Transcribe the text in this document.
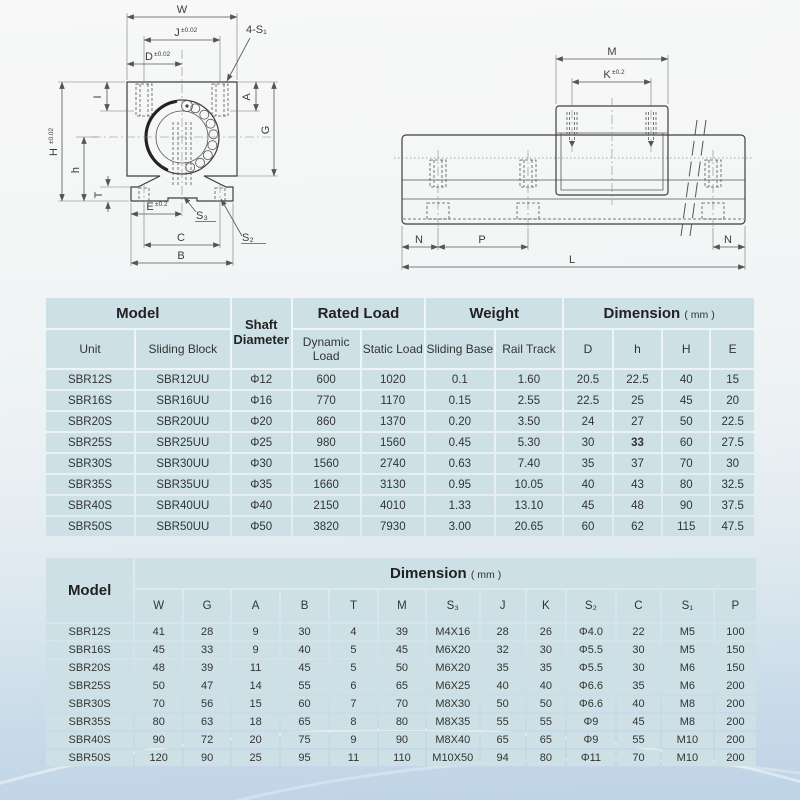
W
J ±0.02
D ±0.02
4-S₁
H
±0.02
h
I
T
A
G
E ±0.2
C
B
S₃
S₂
M
K ±0.2
N	P	N
L
Model		Shaft Diameter	Rated Load		Weight		Dimension ( mm )			
Unit	Sliding Block		Dynamic Load	Static Load	Sliding Base	Rail Track	D	h	H	E
SBR12S	SBR12UU	Φ12	600	1020	0.1	1.60	20.5	22.5	40	15
SBR16S	SBR16UU	Φ16	770	1170	0.15	2.55	22.5	25	45	20
SBR20S	SBR20UU	Φ20	860	1370	0.20	3.50	24	27	50	22.5
SBR25S	SBR25UU	Φ25	980	1560	0.45	5.30	30	33	60	27.5
SBR30S	SBR30UU	Φ30	1560	2740	0.63	7.40	35	37	70	30
SBR35S	SBR35UU	Φ35	1660	3130	0.95	10.05	40	43	80	32.5
SBR40S	SBR40UU	Φ40	2150	4010	1.33	13.10	45	48	90	37.5
SBR50S	SBR50UU	Φ50	3820	7930	3.00	20.65	60	62	115	47.5
Model	Dimension ( mm )												
	W	G	A	B	T	M	S₃	J	K	S₂	C	S₁	P
SBR12S	41	28	9	30	4	39	M4X16	28	26	Φ4.0	22	M5	100
SBR16S	45	33	9	40	5	45	M6X20	32	30	Φ5.5	30	M5	150
SBR20S	48	39	11	45	5	50	M6X20	35	35	Φ5.5	30	M6	150
SBR25S	50	47	14	55	6	65	M6X25	40	40	Φ6.6	35	M6	200
SBR30S	70	56	15	60	7	70	M8X30	50	50	Φ6.6	40	M8	200
SBR35S	80	63	18	65	8	80	M8X35	55	55	Φ9	45	M8	200
SBR40S	90	72	20	75	9	90	M8X40	65	65	Φ9	55	M10	200
SBR50S	120	90	25	95	11	110	M10X50	94	80	Φ11	70	M10	200
